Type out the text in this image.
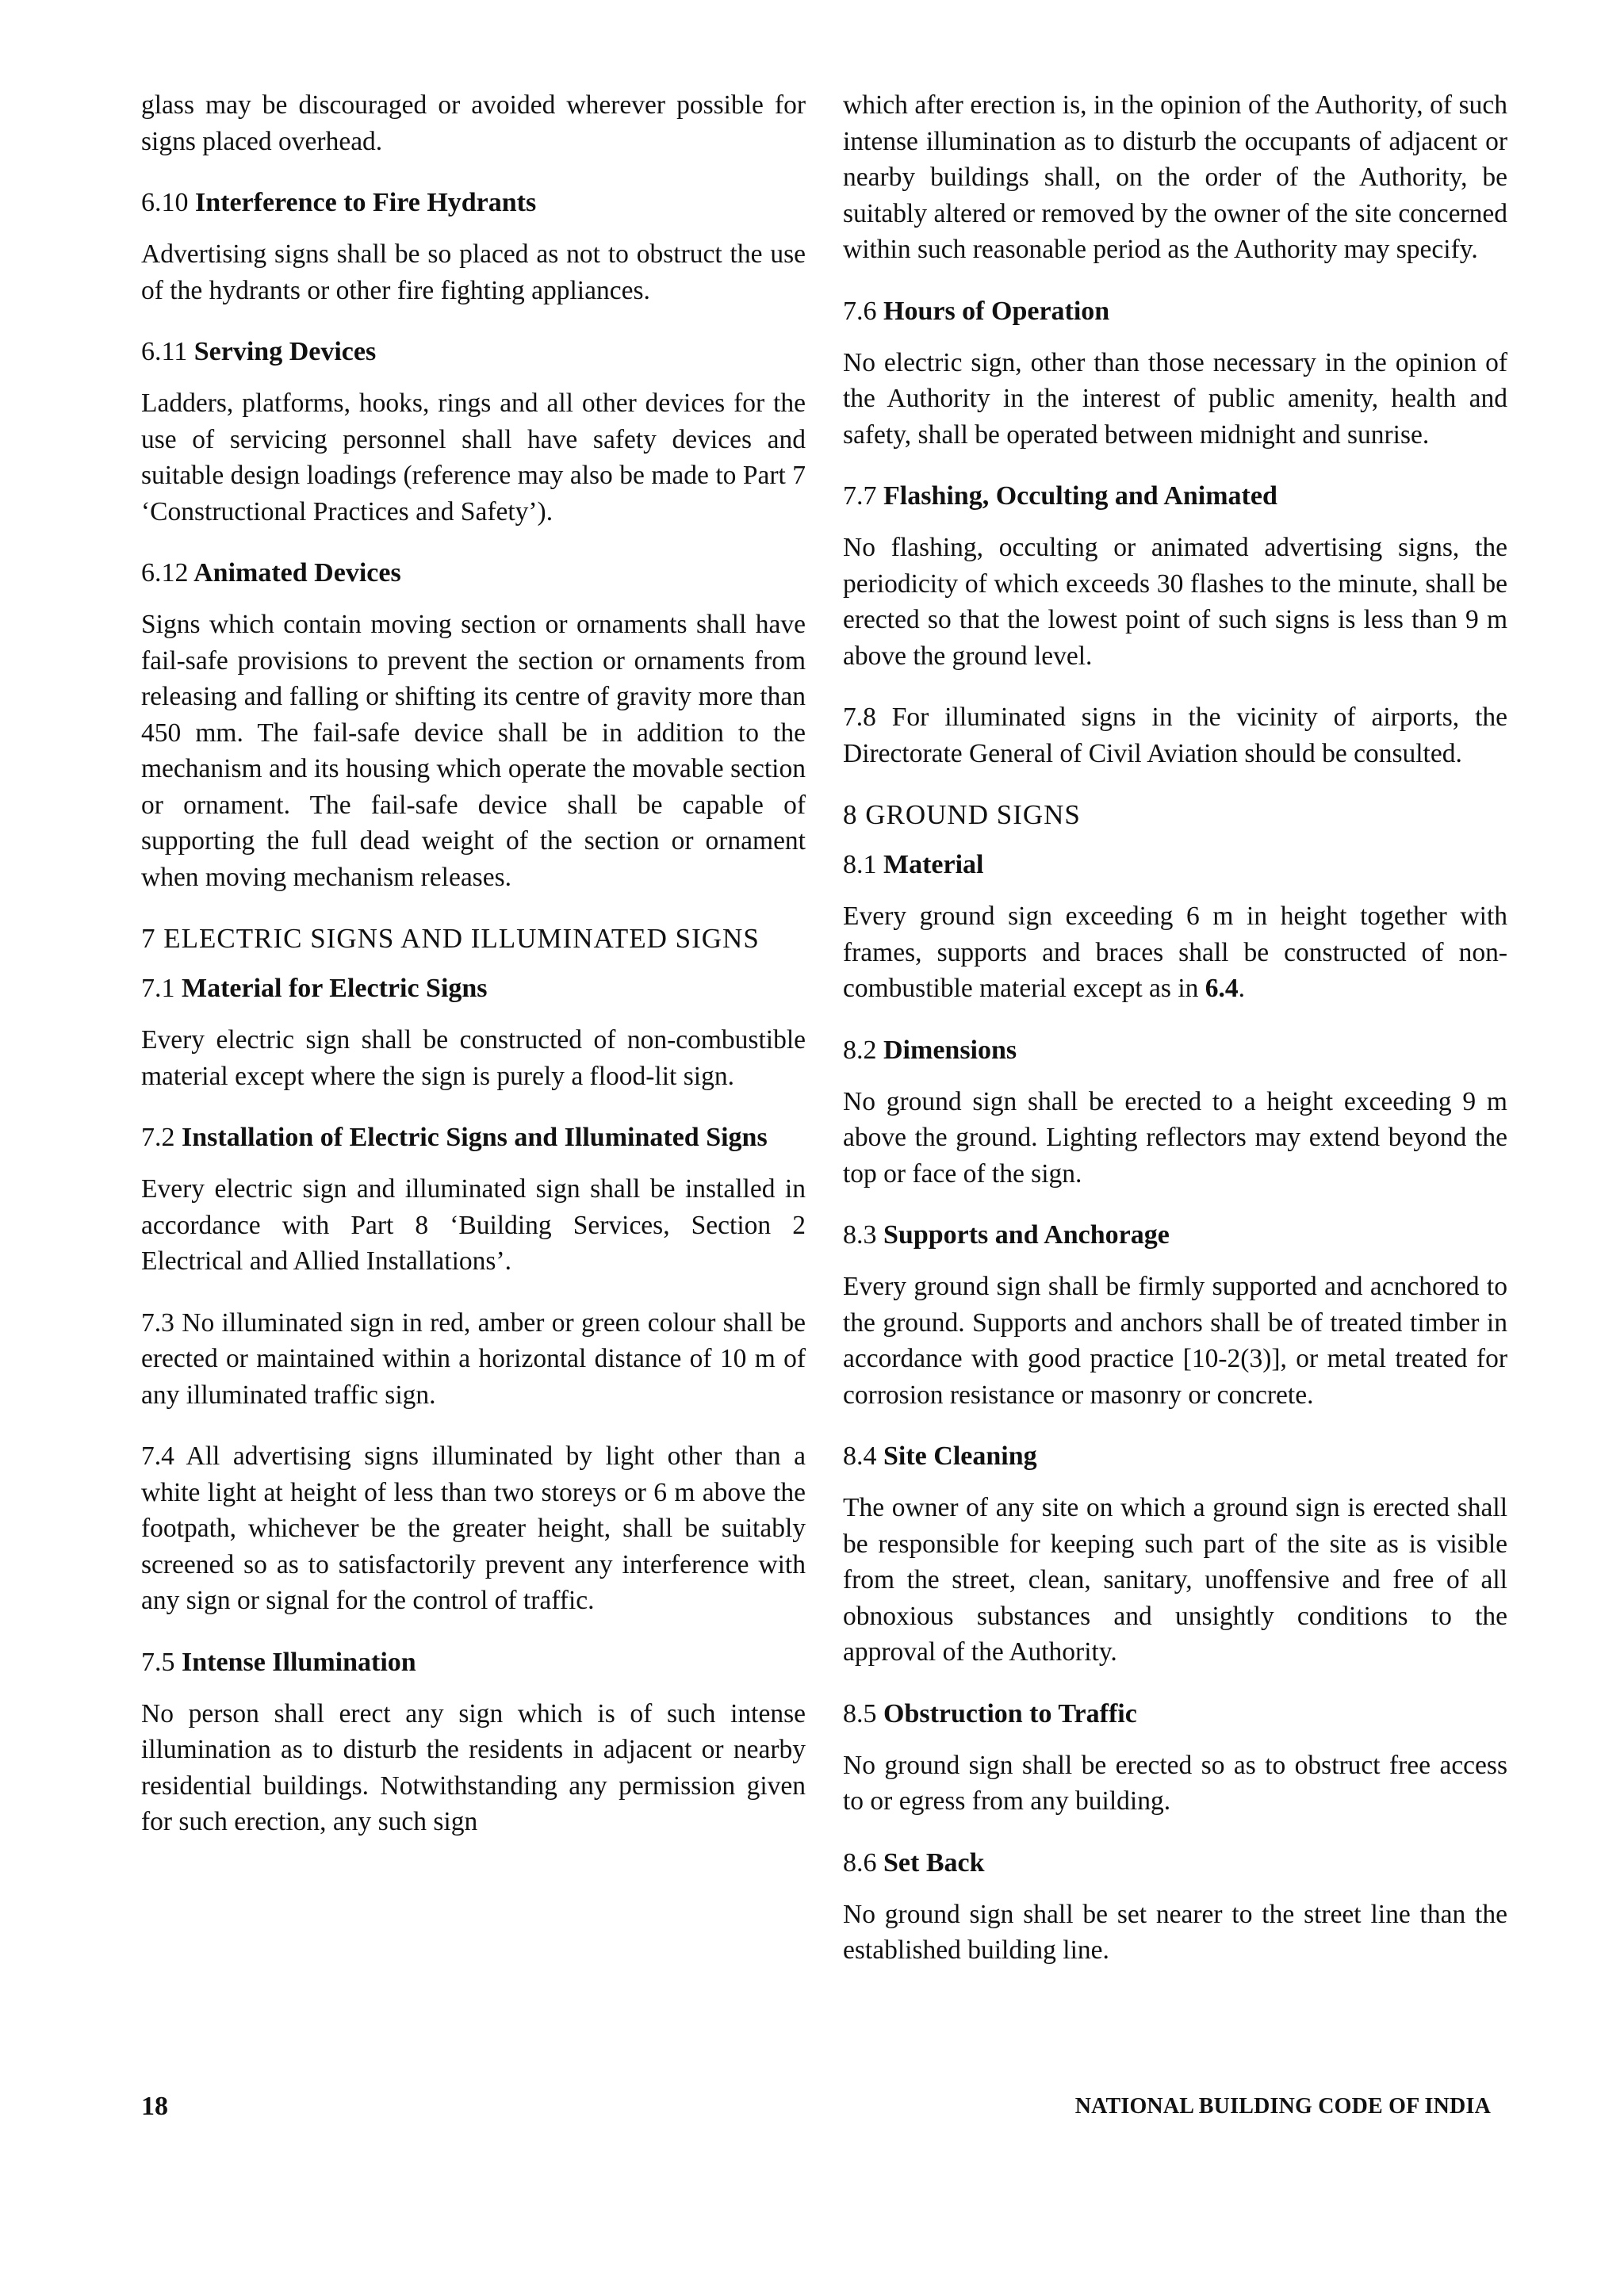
glass may be discouraged or avoided wherever possible for signs placed overhead.

6.10 Interference to Fire Hydrants

Advertising signs shall be so placed as not to obstruct the use of the hydrants or other fire fighting appliances.

6.11 Serving Devices

Ladders, platforms, hooks, rings and all other devices for the use of servicing personnel shall have safety devices and suitable design loadings (reference may also be made to Part 7 ‘Constructional Practices and Safety’).

6.12 Animated Devices

Signs which contain moving section or ornaments shall have fail-safe provisions to prevent the section or ornaments from releasing and falling or shifting its centre of gravity more than 450 mm. The fail-safe device shall be in addition to the mechanism and its housing which operate the movable section or ornament. The fail-safe device shall be capable of supporting the full dead weight of the section or ornament when moving mechanism releases.

7 ELECTRIC SIGNS AND ILLUMINATED SIGNS
7.1 Material for Electric Signs

Every electric sign shall be constructed of non-combustible material except where the sign is purely a flood-lit sign.

7.2 Installation of Electric Signs and Illuminated Signs

Every electric sign and illuminated sign shall be installed in accordance with Part 8 ‘Building Services, Section 2 Electrical and Allied Installations’.

7.3 No illuminated sign in red, amber or green colour shall be erected or maintained within a horizontal distance of 10 m of any illuminated traffic sign.

7.4 All advertising signs illuminated by light other than a white light at height of less than two storeys or 6 m above the footpath, whichever be the greater height, shall be suitably screened so as to satisfactorily prevent any interference with any sign or signal for the control of traffic.

7.5 Intense Illumination

No person shall erect any sign which is of such intense illumination as to disturb the residents in adjacent or nearby residential buildings. Notwithstanding any permission given for such erection, any such sign

which after erection is, in the opinion of the Authority, of such intense illumination as to disturb the occupants of adjacent or nearby buildings shall, on the order of the Authority, be suitably altered or removed by the owner of the site concerned within such reasonable period as the Authority may specify.

7.6 Hours of Operation

No electric sign, other than those necessary in the opinion of the Authority in the interest of public amenity, health and safety, shall be operated between midnight and sunrise.

7.7 Flashing, Occulting and Animated

No flashing, occulting or animated advertising signs, the periodicity of which exceeds 30 flashes to the minute, shall be erected so that the lowest point of such signs is less than 9 m above the ground level.

7.8 For illuminated signs in the vicinity of airports, the Directorate General of Civil Aviation should be consulted.

8 GROUND SIGNS
8.1 Material

Every ground sign exceeding 6 m in height together with frames, supports and braces shall be constructed of non-combustible material except as in 6.4.

8.2 Dimensions

No ground sign shall be erected to a height exceeding 9 m above the ground. Lighting reflectors may extend beyond the top or face of the sign.

8.3 Supports and Anchorage

Every ground sign shall be firmly supported and acnchored to the ground. Supports and anchors shall be of treated timber in accordance with good practice [10-2(3)], or metal treated for corrosion resistance or masonry or concrete.

8.4 Site Cleaning

The owner of any site on which a ground sign is erected shall be responsible for keeping such part of the site as is visible from the street, clean, sanitary, unoffensive and free of all obnoxious substances and unsightly conditions to the approval of the Authority.

8.5 Obstruction to Traffic

No ground sign shall be erected so as to obstruct free access to or egress from any building.

8.6 Set Back

No ground sign shall be set nearer to the street line than the established building line.

18	NATIONAL BUILDING CODE OF INDIA
